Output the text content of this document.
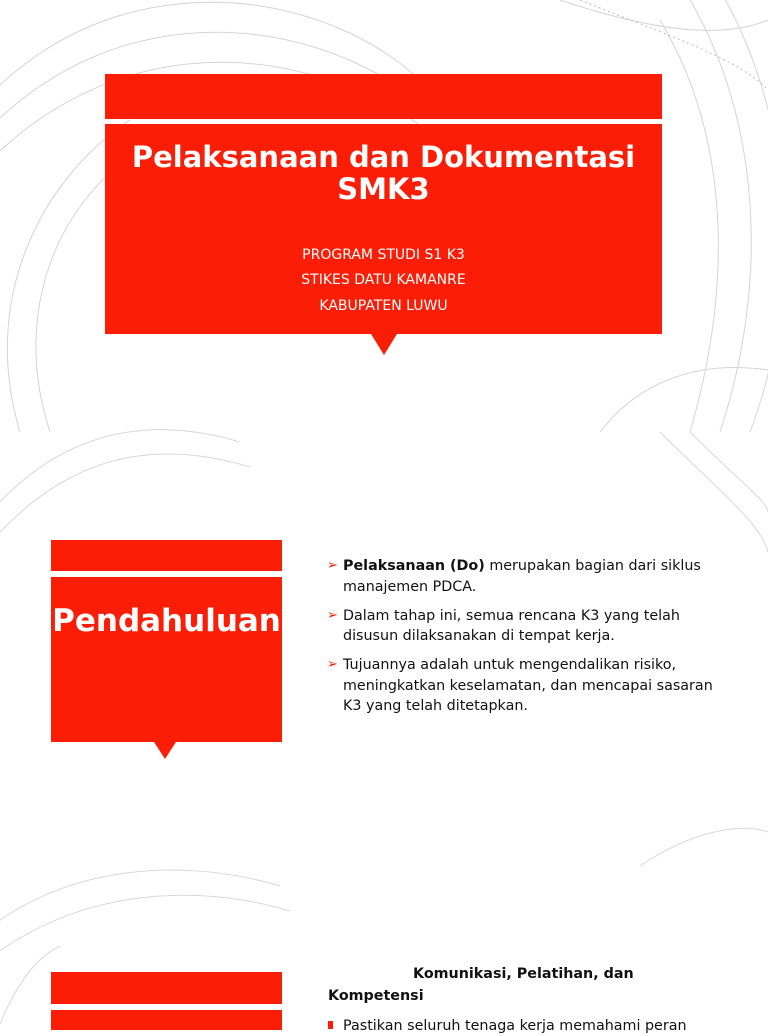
Pelaksanaan dan Dokumentasi SMK3
PROGRAM STUDI S1 K3
STIKES DATU KAMANRE
KABUPATEN LUWU
Pendahuluan
➢ Pelaksanaan (Do) merupakan bagian dari siklus manajemen PDCA.
➢ Dalam tahap ini, semua rencana K3 yang telah disusun dilaksanakan di tempat kerja.
➢ Tujuannya adalah untuk mengendalikan risiko, meningkatkan keselamatan, dan mencapai sasaran K3 yang telah ditetapkan.
Komunikasi, Pelatihan, dan
Kompetensi
Pastikan seluruh tenaga kerja memahami peran
